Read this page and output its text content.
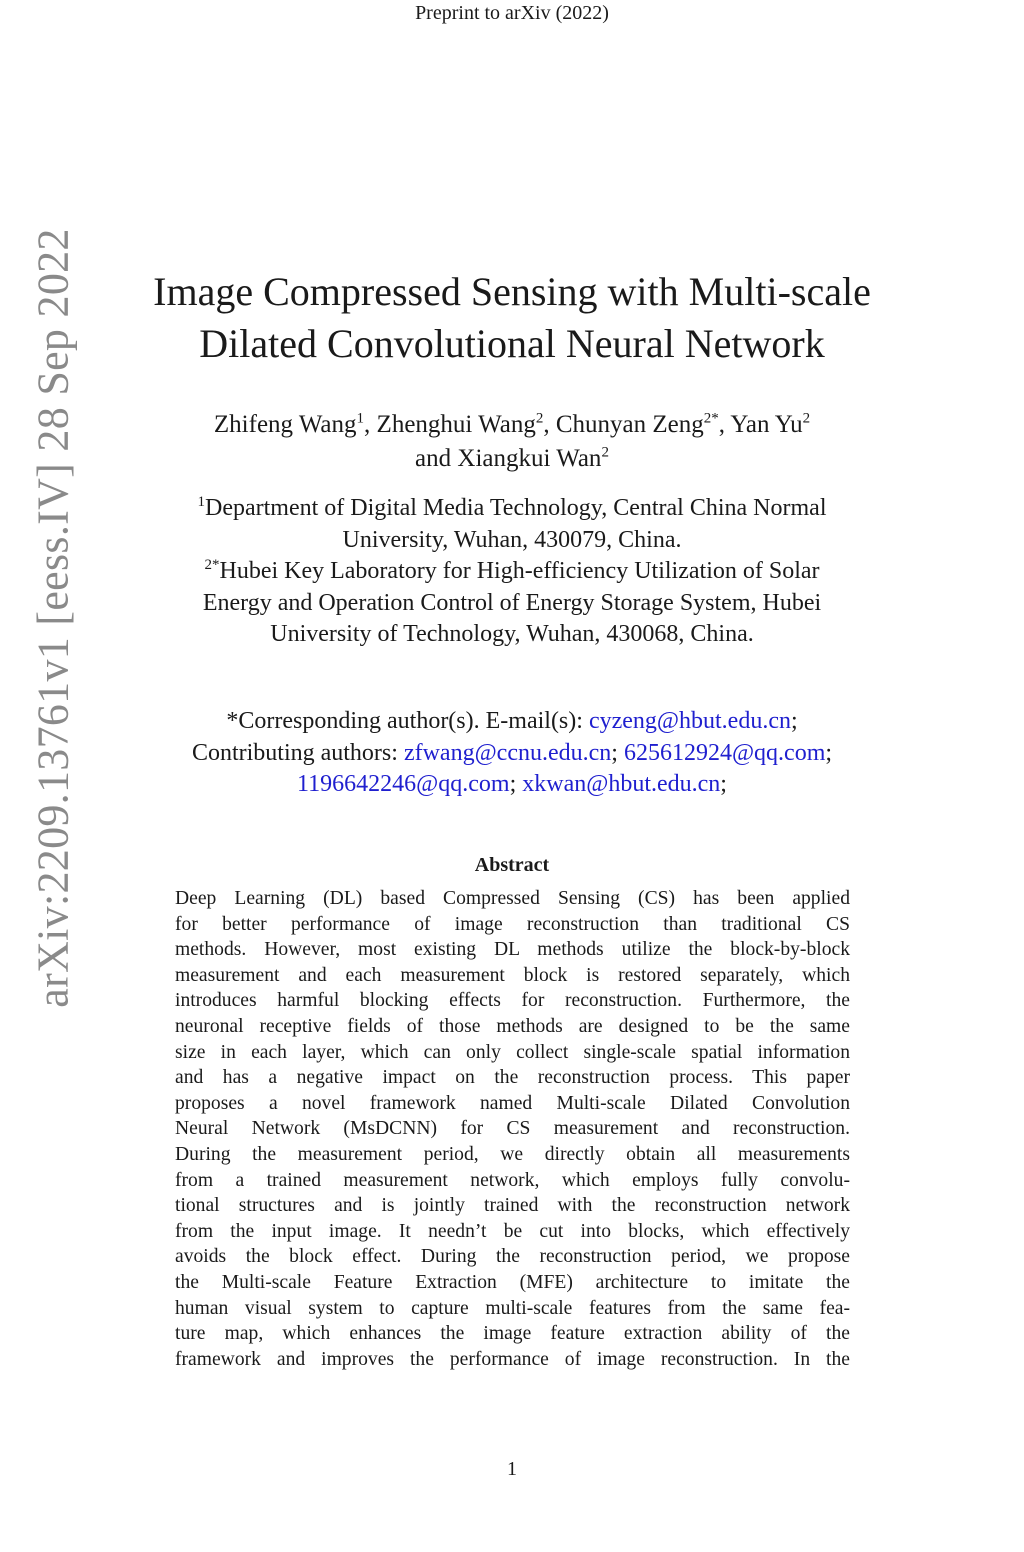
Preprint to arXiv (2022)
arXiv:2209.13761v1 [eess.IV] 28 Sep 2022	Image Compressed Sensing with Multi-scale
Dilated Convolutional Neural Network
Zhifeng Wang$^1$, Zhenghui Wang$^2$, Chunyan Zeng$^{2*}$, Yan Yu$^2$
and Xiangkui Wan$^2$
$^1$Department of Digital Media Technology, Central China Normal
University, Wuhan, 430079, China.
$^{2*}$Hubei Key Laboratory for High-efficiency Utilization of Solar
Energy and Operation Control of Energy Storage System, Hubei
University of Technology, Wuhan, 430068, China.
*Corresponding author(s). E-mail(s): cyzeng@hbut.edu.cn;
Contributing authors: zfwang@ccnu.edu.cn; 625612924@qq.com;
1196642246@qq.com; xkwan@hbut.edu.cn;
Abstract
Deep Learning (DL) based Compressed Sensing (CS) has been applied
for better performance of image reconstruction than traditional CS
methods. However, most existing DL methods utilize the block-by-block
measurement and each measurement block is restored separately, which
introduces harmful blocking effects for reconstruction. Furthermore, the
neuronal receptive fields of those methods are designed to be the same
size in each layer, which can only collect single-scale spatial information
and has a negative impact on the reconstruction process. This paper
proposes a novel framework named Multi-scale Dilated Convolution
Neural Network (MsDCNN) for CS measurement and reconstruction.
During the measurement period, we directly obtain all measurements
from a trained measurement network, which employs fully convolu-
tional structures and is jointly trained with the reconstruction network
from the input image. It needn’t be cut into blocks, which effectively
avoids the block effect. During the reconstruction period, we propose
the Multi-scale Feature Extraction (MFE) architecture to imitate the
human visual system to capture multi-scale features from the same fea-
ture map, which enhances the image feature extraction ability of the
framework and improves the performance of image reconstruction. In the
1
